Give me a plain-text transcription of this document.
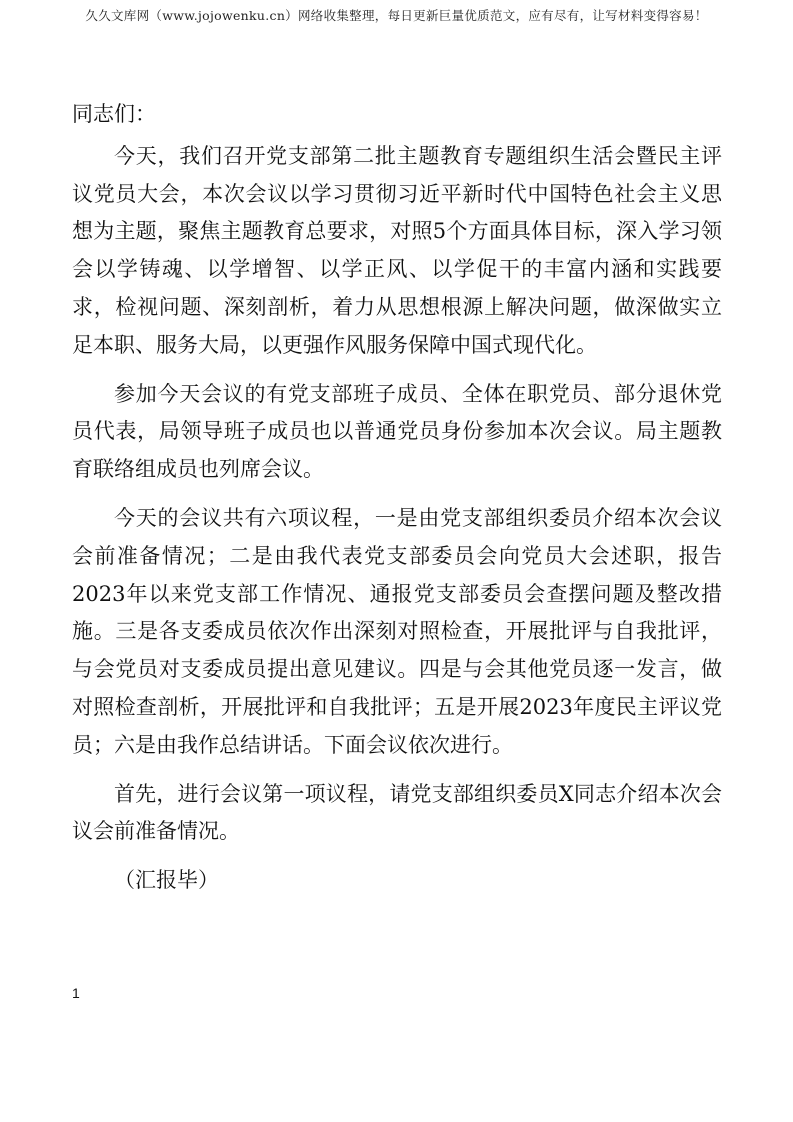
久久文库网（www.jojowenku.cn）网络收集整理，每日更新巨量优质范文，应有尽有，让写材料变得容易！

同志们：

今天，我们召开党支部第二批主题教育专题组织生活会暨民主评议党员大会，本次会议以学习贯彻习近平新时代中国特色社会主义思想为主题，聚焦主题教育总要求，对照5个方面具体目标，深入学习领会以学铸魂、以学增智、以学正风、以学促干的丰富内涵和实践要求，检视问题、深刻剖析，着力从思想根源上解决问题，做深做实立足本职、服务大局，以更强作风服务保障中国式现代化。

参加今天会议的有党支部班子成员、全体在职党员、部分退休党员代表，局领导班子成员也以普通党员身份参加本次会议。局主题教育联络组成员也列席会议。

今天的会议共有六项议程，一是由党支部组织委员介绍本次会议会前准备情况；二是由我代表党支部委员会向党员大会述职，报告2023年以来党支部工作情况、通报党支部委员会查摆问题及整改措施。三是各支委成员依次作出深刻对照检查，开展批评与自我批评，与会党员对支委成员提出意见建议。四是与会其他党员逐一发言，做对照检查剖析，开展批评和自我批评；五是开展2023年度民主评议党员；六是由我作总结讲话。下面会议依次进行。

首先，进行会议第一项议程，请党支部组织委员X同志介绍本次会议会前准备情况。

（汇报毕）

1
